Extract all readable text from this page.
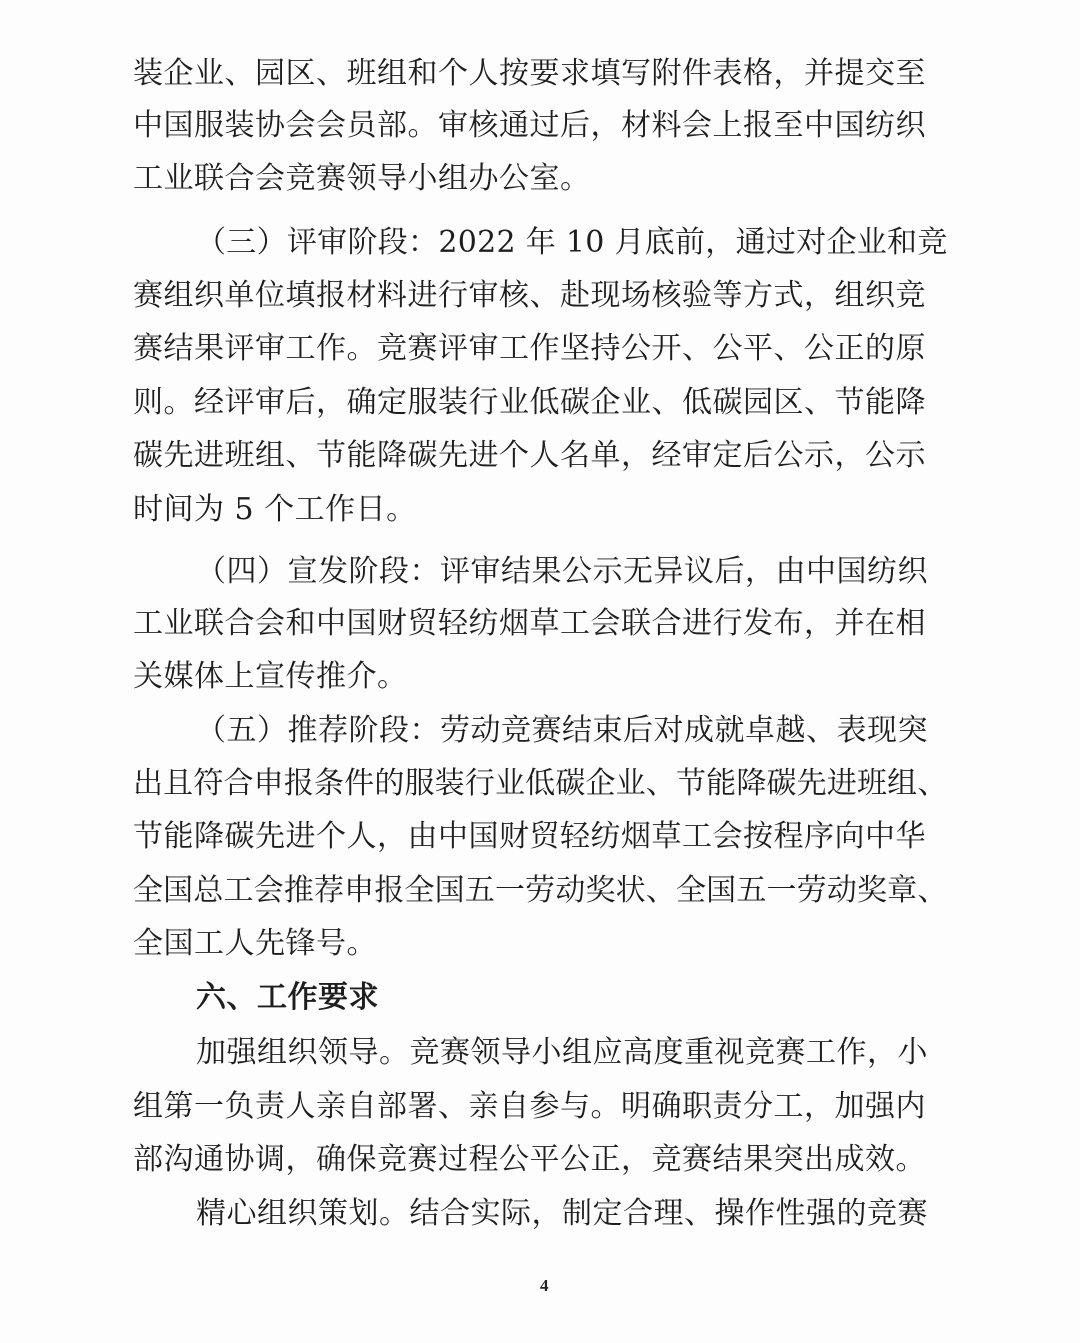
装企业、园区、班组和个人按要求填写附件表格，并提交至
中国服装协会会员部。审核通过后，材料会上报至中国纺织
工业联合会竞赛领导小组办公室。
（三）评审阶段：2022 年 10 月底前，通过对企业和竞
赛组织单位填报材料进行审核、赴现场核验等方式，组织竞
赛结果评审工作。竞赛评审工作坚持公开、公平、公正的原
则。经评审后，确定服装行业低碳企业、低碳园区、节能降
碳先进班组、节能降碳先进个人名单，经审定后公示，公示
时间为 5 个工作日。
（四）宣发阶段：评审结果公示无异议后，由中国纺织
工业联合会和中国财贸轻纺烟草工会联合进行发布，并在相
关媒体上宣传推介。
（五）推荐阶段：劳动竞赛结束后对成就卓越、表现突
出且符合申报条件的服装行业低碳企业、节能降碳先进班组、
节能降碳先进个人，由中国财贸轻纺烟草工会按程序向中华
全国总工会推荐申报全国五一劳动奖状、全国五一劳动奖章、
全国工人先锋号。
六、工作要求
加强组织领导。竞赛领导小组应高度重视竞赛工作，小
组第一负责人亲自部署、亲自参与。明确职责分工，加强内
部沟通协调，确保竞赛过程公平公正，竞赛结果突出成效。
精心组织策划。结合实际，制定合理、操作性强的竞赛
4
